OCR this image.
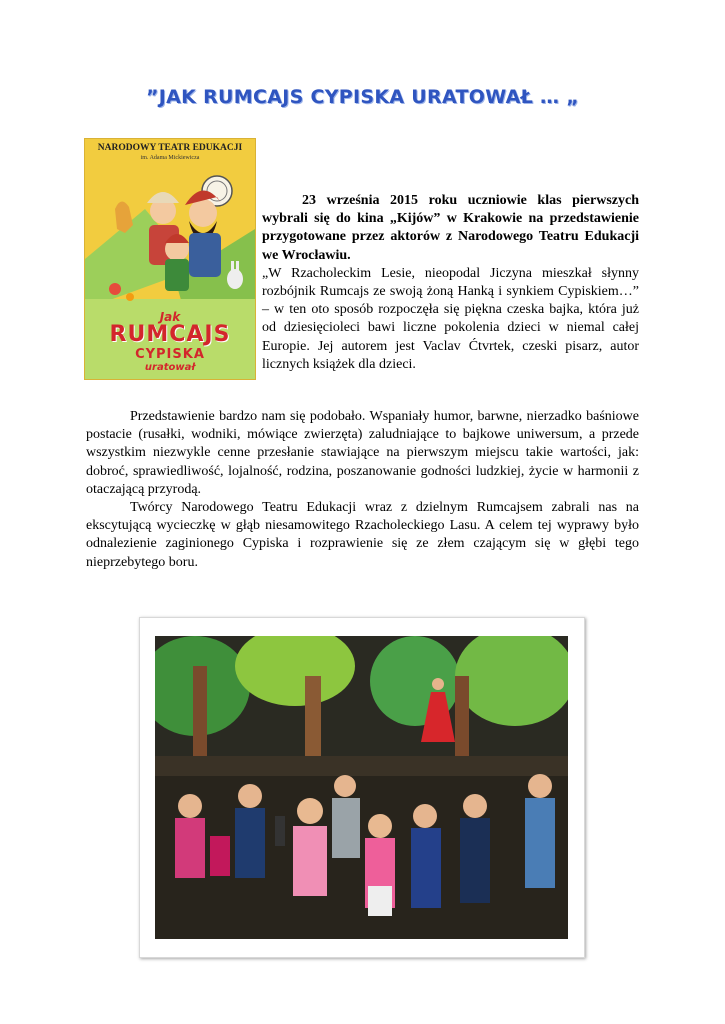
”JAK RUMCAJS CYPISKA URATOWAŁ … „
NARODOWY TEATR EDUKACJI
im. Adama Mickiewicza
Jak
RUMCAJS
CYPISKA
uratował

23 września 2015 roku uczniowie klas pierwszych wybrali się do kina „Kijów” w Krakowie na przedstawienie przygotowane przez aktorów z Narodowego Teatru Edukacji we Wrocławiu.

„W Rzacholeckim Lesie, nieopodal Jiczyna mieszkał słynny rozbójnik Rumcajs ze swoją żoną Hanką i synkiem Cypiskiem…” – w ten oto sposób rozpoczęła się piękna czeska bajka, która już od dziesięcioleci bawi liczne pokolenia dzieci w niemal całej Europie. Jej autorem jest Vaclav Ćtvrtek, czeski pisarz, autor licznych książek dla dzieci.

Przedstawienie bardzo nam się podobało. Wspaniały humor, barwne, nierzadko baśniowe postacie (rusałki, wodniki, mówiące zwierzęta) zaludniające to bajkowe uniwersum, a przede wszystkim niezwykle cenne przesłanie stawiające na pierwszym miejscu takie wartości, jak: dobroć, sprawiedliwość, lojalność, rodzina, poszanowanie godności ludzkiej, życie w harmonii z otaczającą przyrodą.

Twórcy Narodowego Teatru Edukacji wraz z dzielnym Rumcajsem zabrali nas na ekscytującą wycieczkę w głąb niesamowitego Rzacholeckiego Lasu. A celem tej wyprawy było odnalezienie zaginionego Cypiska i rozprawienie się ze złem czającym się w głębi tego nieprzebytego boru.
